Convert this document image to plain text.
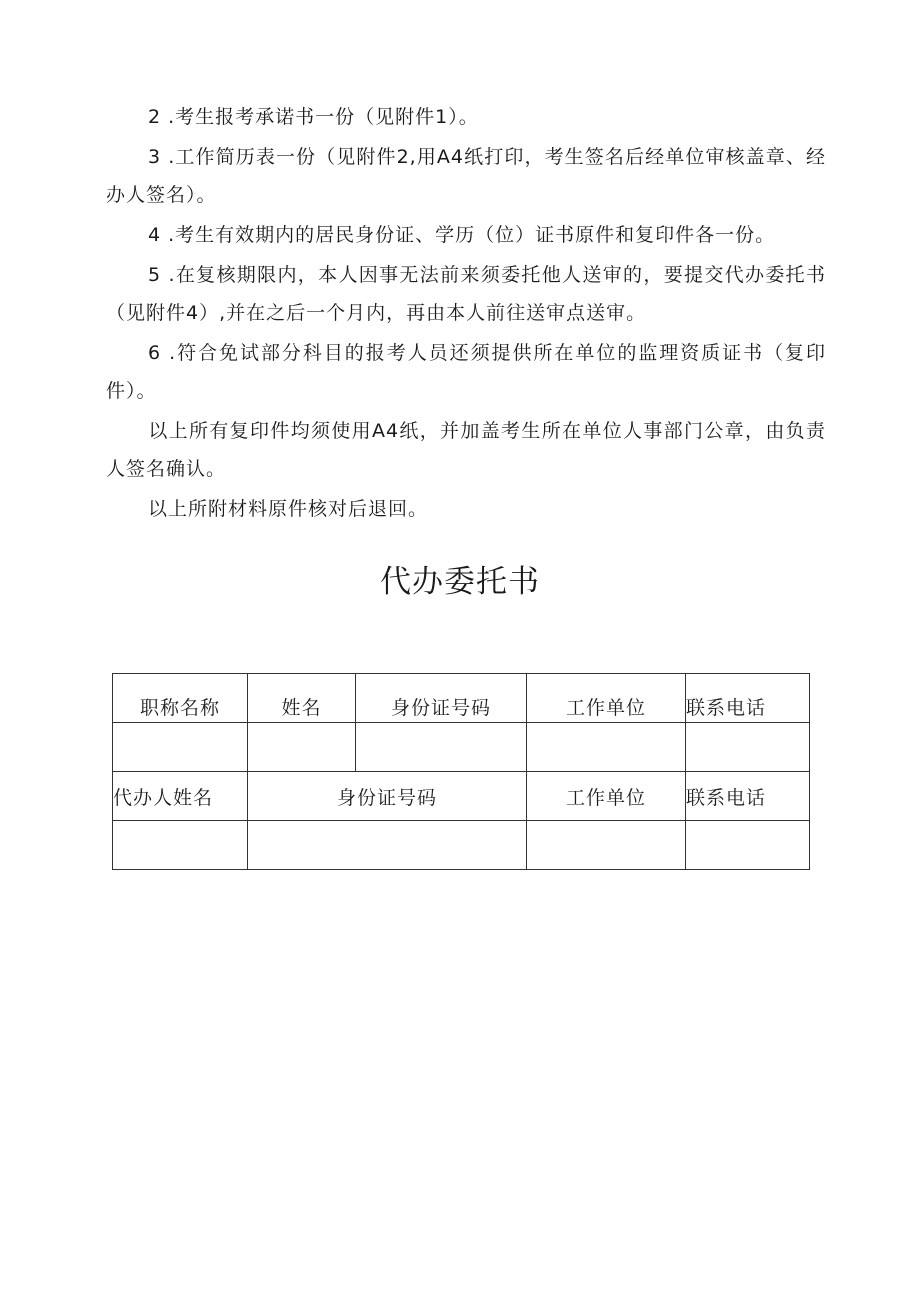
2 .考生报考承诺书一份（见附件1）。

3 .工作简历表一份（见附件2,用A4纸打印，考生签名后经单位审核盖章、经办人签名）。

4 .考生有效期内的居民身份证、学历（位）证书原件和复印件各一份。

5 .在复核期限内，本人因事无法前来须委托他人送审的，要提交代办委托书（见附件4）,并在之后一个月内，再由本人前往送审点送审。

6 .符合免试部分科目的报考人员还须提供所在单位的监理资质证书（复印件）。

以上所有复印件均须使用A4纸，并加盖考生所在单位人事部门公章，由负责人签名确认。

以上所附材料原件核对后退回。

代办委托书
职称名称	姓名	身份证号码	工作单位	联系电话

代办人姓名	身份证号码		工作单位	联系电话
